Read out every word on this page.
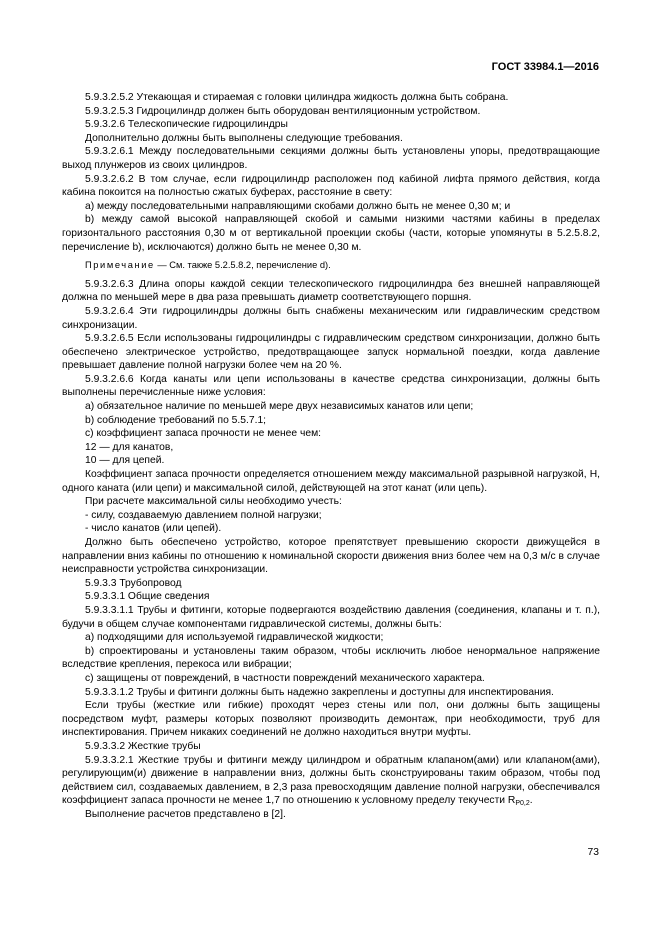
ГОСТ 33984.1—2016

5.9.3.2.5.2 Утекающая и стираемая с головки цилиндра жидкость должна быть собрана.

5.9.3.2.5.3 Гидроцилиндр должен быть оборудован вентиляционным устройством.

5.9.3.2.6 Телескопические гидроцилиндры

Дополнительно должны быть выполнены следующие требования.

5.9.3.2.6.1 Между последовательными секциями должны быть установлены упоры, предотвращающие выход плунжеров из своих цилиндров.

5.9.3.2.6.2 В том случае, если гидроцилиндр расположен под кабиной лифта прямого действия, когда кабина покоится на полностью сжатых буферах, расстояние в свету:

a) между последовательными направляющими скобами должно быть не менее 0,30 м; и

b) между самой высокой направляющей скобой и самыми низкими частями кабины в пределах горизонтального расстояния 0,30 м от вертикальной проекции скобы (части, которые упомянуты в 5.2.5.8.2, перечисление b), исключаются) должно быть не менее 0,30 м.

Примечание — См. также 5.2.5.8.2, перечисление d).

5.9.3.2.6.3 Длина опоры каждой секции телескопического гидроцилиндра без внешней направляющей должна по меньшей мере в два раза превышать диаметр соответствующего поршня.

5.9.3.2.6.4 Эти гидроцилиндры должны быть снабжены механическим или гидравлическим средством синхронизации.

5.9.3.2.6.5 Если использованы гидроцилиндры с гидравлическим средством синхронизации, должно быть обеспечено электрическое устройство, предотвращающее запуск нормальной поездки, когда давление превышает давление полной нагрузки более чем на 20 %.

5.9.3.2.6.6 Когда канаты или цепи использованы в качестве средства синхронизации, должны быть выполнены перечисленные ниже условия:

a) обязательное наличие по меньшей мере двух независимых канатов или цепи;

b) соблюдение требований по 5.5.7.1;

c) коэффициент запаса прочности не менее чем:

12 — для канатов,

10 — для цепей.

Коэффициент запаса прочности определяется отношением между максимальной разрывной нагрузкой, Н, одного каната (или цепи) и максимальной силой, действующей на этот канат (или цепь).

При расчете максимальной силы необходимо учесть:

- силу, создаваемую давлением полной нагрузки;

- число канатов (или цепей).

Должно быть обеспечено устройство, которое препятствует превышению скорости движущейся в направлении вниз кабины по отношению к номинальной скорости движения вниз более чем на 0,3 м/с в случае неисправности устройства синхронизации.

5.9.3.3 Трубопровод

5.9.3.3.1 Общие сведения

5.9.3.3.1.1 Трубы и фитинги, которые подвергаются воздействию давления (соединения, клапаны и т. п.), будучи в общем случае компонентами гидравлической системы, должны быть:

a) подходящими для используемой гидравлической жидкости;

b) спроектированы и установлены таким образом, чтобы исключить любое ненормальное напряжение вследствие крепления, перекоса или вибрации;

c) защищены от повреждений, в частности повреждений механического характера.

5.9.3.3.1.2 Трубы и фитинги должны быть надежно закреплены и доступны для инспектирования.

Если трубы (жесткие или гибкие) проходят через стены или пол, они должны быть защищены посредством муфт, размеры которых позволяют производить демонтаж, при необходимости, труб для инспектирования. Причем никаких соединений не должно находиться внутри муфты.

5.9.3.3.2 Жесткие трубы

5.9.3.3.2.1 Жесткие трубы и фитинги между цилиндром и обратным клапаном(ами) или клапаном(ами), регулирующим(и) движение в направлении вниз, должны быть сконструированы таким образом, чтобы под действием сил, создаваемых давлением, в 2,3 раза превосходящим давление полной нагрузки, обеспечивался коэффициент запаса прочности не менее 1,7 по отношению к условному пределу текучести $R_{P0,2}$.

Выполнение расчетов представлено в [2].

73
